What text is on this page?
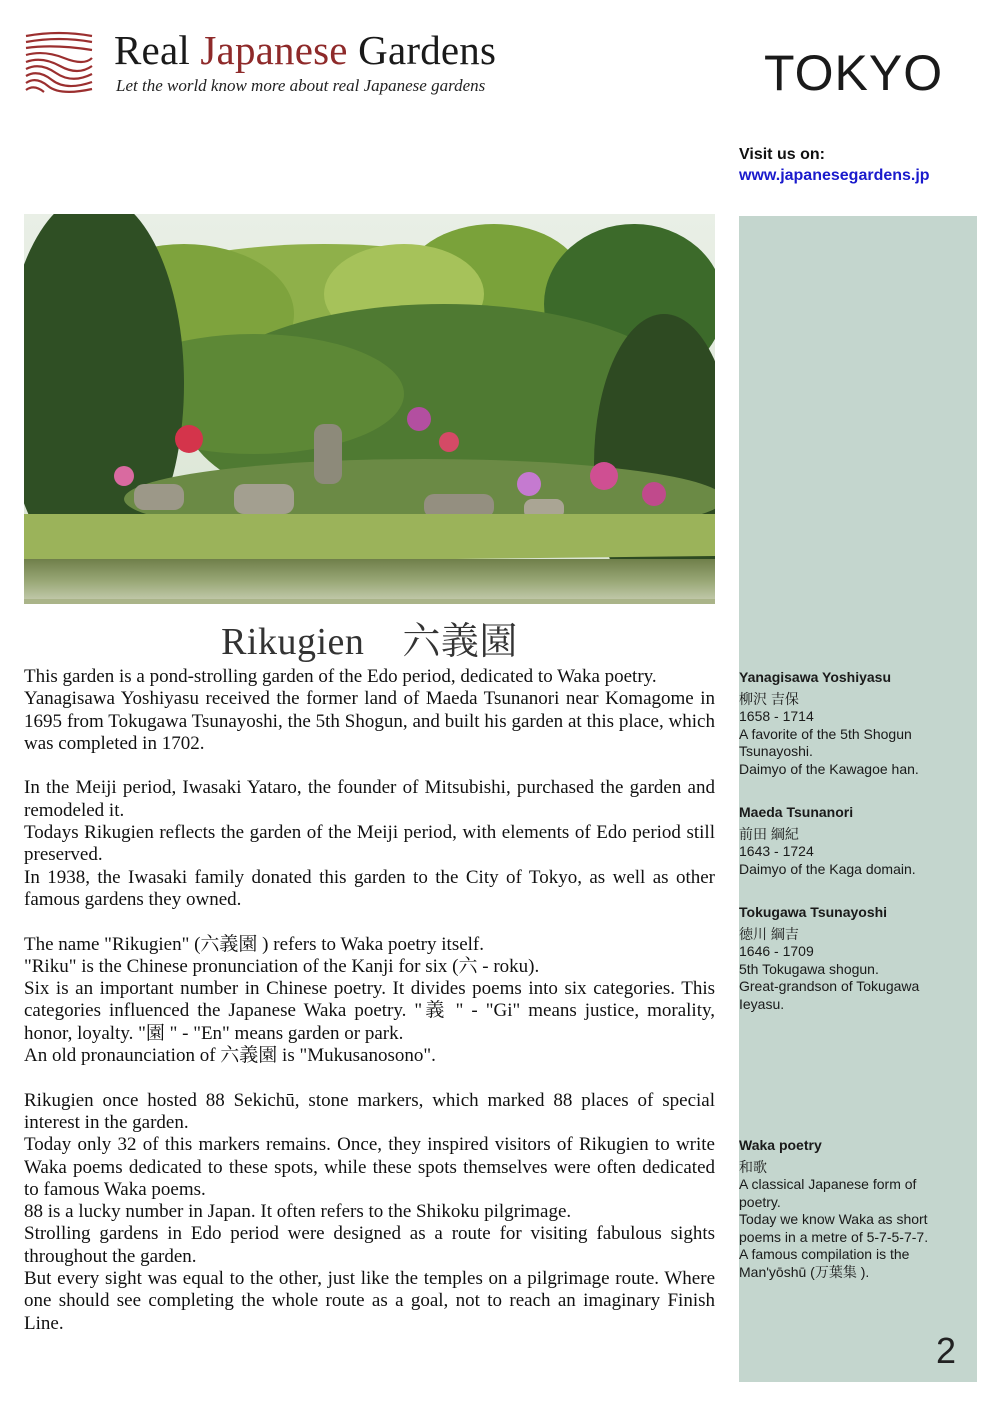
Real Japanese Gardens
Let the world know more about real Japanese gardens	TOKYO
Visit us on:
www.japanesegardens.jp
Rikugien 六義園

This garden is a pond-strolling garden of the Edo period, dedicated to Waka poetry.
Yanagisawa Yoshiyasu received the former land of Maeda Tsunanori near Komagome in 1695 from Tokugawa Tsunayoshi, the 5th Shogun, and built his garden at this place, which was completed in 1702.

In the Meiji period, Iwasaki Yataro, the founder of Mitsubishi, purchased the garden and remodeled it.
Todays Rikugien reflects the garden of the Meiji period, with elements of Edo period still preserved.
In 1938, the Iwasaki family donated this garden to the City of Tokyo, as well as other famous gardens they owned.

The name "Rikugien" (六義園 ) refers to Waka poetry itself.
"Riku" is the Chinese pronunciation of the Kanji for six (六 - roku).
Six is an important number in Chinese poetry. It divides poems into six categories. This categories influenced the Japanese Waka poetry. "義 " - "Gi" means justice, morality, honor, loyalty. "園 " - "En" means garden or park.
An old pronaunciation of 六義園 is "Mukusanosono".

Rikugien once hosted 88 Sekichū, stone markers, which marked 88 places of special interest in the garden.
Today only 32 of this markers remains. Once, they inspired visitors of Rikugien to write Waka poems dedicated to these spots, while these spots themselves were often dedicated to famous Waka poems.
88 is a lucky number in Japan. It often refers to the Shikoku pilgrimage.
Strolling gardens in Edo period were designed as a route for visiting fabulous sights throughout the garden.
But every sight was equal to the other, just like the temples on a pilgrimage route. Where one should see completing the whole route as a goal, not to reach an imaginary Finish Line.

Yanagisawa Yoshiyasu
柳沢 吉保
1658 - 1714
A favorite of the 5th Shogun Tsunayoshi.
Daimyo of the Kawagoe han.
Maeda Tsunanori
前田 綱紀
1643 - 1724
Daimyo of the Kaga domain.
Tokugawa Tsunayoshi
徳川 綱吉
1646 - 1709
5th Tokugawa shogun.
Great-grandson of Tokugawa Ieyasu.
Waka poetry
和歌
A classical Japanese form of poetry.
Today we know Waka as short poems in a metre of 5-7-5-7-7.
A famous compilation is the Man'yōshū (万葉集 ).
2
